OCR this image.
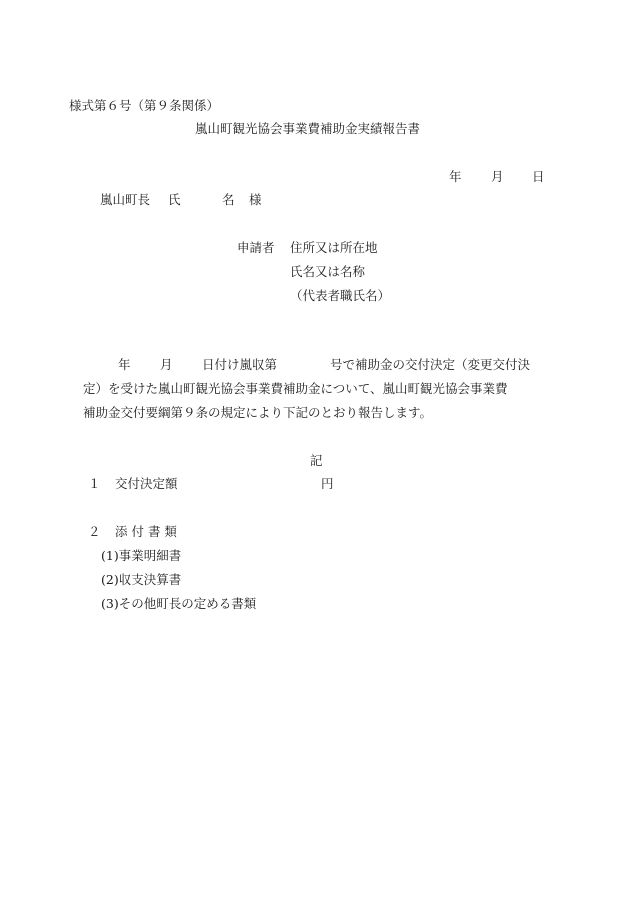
様式第６号（第９条関係）
嵐山町観光協会事業費補助金実績報告書
年 月 日
嵐山町長 氏	名 様
申請者 住所又は所在地
氏名又は名称
（代表者職氏名）
年 月 日付け嵐収第	号で補助金の交付決定（変更交付決
定）を受けた嵐山町観光協会事業費補助金について、嵐山町観光協会事業費
補助金交付要綱第９条の規定により下記のとおり報告します。
記
１ 交付決定額	円
２ 添 付 書 類
(1)事業明細書
(2)収支決算書
(3)その他町長の定める書類
